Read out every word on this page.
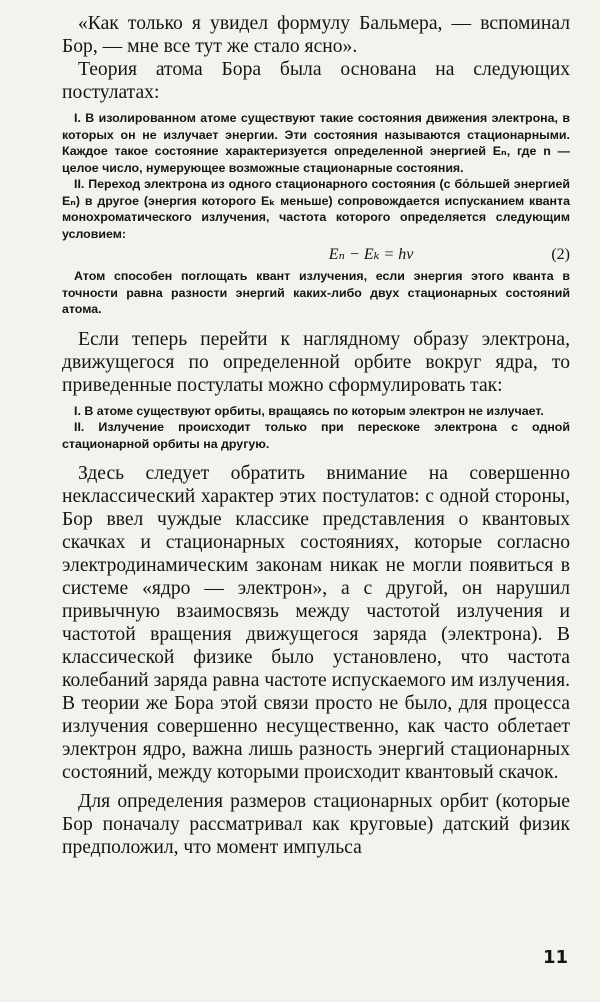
«Как только я увидел формулу Бальмера, — вспоминал Бор, — мне все тут же стало ясно».

Теория атома Бора была основана на следующих постулатах:

I. В изолированном атоме существуют такие состояния движения электрона, в которых он не излучает энергии. Эти состояния называются стационарными. Каждое такое состояние характеризуется определенной энергией Eₙ, где n — целое число, нумерующее возможные стационарные состояния.

II. Переход электрона из одного стационарного состояния (с бо́льшей энергией Eₙ) в другое (энергия которого Eₖ меньше) сопровождается испусканием кванта монохроматического излучения, частота которого определяется следующим условием:

Eₙ − Eₖ = hν	(2)

Атом способен поглощать квант излучения, если энергия этого кванта в точности равна разности энергий каких-либо двух стационарных состояний атома.

Если теперь перейти к наглядному образу электрона, движущегося по определенной орбите вокруг ядра, то приведенные постулаты можно сформулировать так:

I. В атоме существуют орбиты, вращаясь по которым электрон не излучает.

II. Излучение происходит только при перескоке электрона с одной стационарной орбиты на другую.

Здесь следует обратить внимание на совершенно неклассический характер этих постулатов: с одной стороны, Бор ввел чуждые классике представления о квантовых скачках и стационарных состояниях, которые согласно электродинамическим законам никак не могли появиться в системе «ядро — электрон», а с другой, он нарушил привычную взаимосвязь между частотой излучения и частотой вращения движущегося заряда (электрона). В классической физике было установлено, что частота колебаний заряда равна частоте испускаемого им излучения. В теории же Бора этой связи просто не было, для процесса излучения совершенно несущественно, как часто облетает электрон ядро, важна лишь разность энергий стационарных состояний, между которыми происходит квантовый скачок.

Для определения размеров стационарных орбит (которые Бор поначалу рассматривал как круговые) датский физик предположил, что момент импульса

11
